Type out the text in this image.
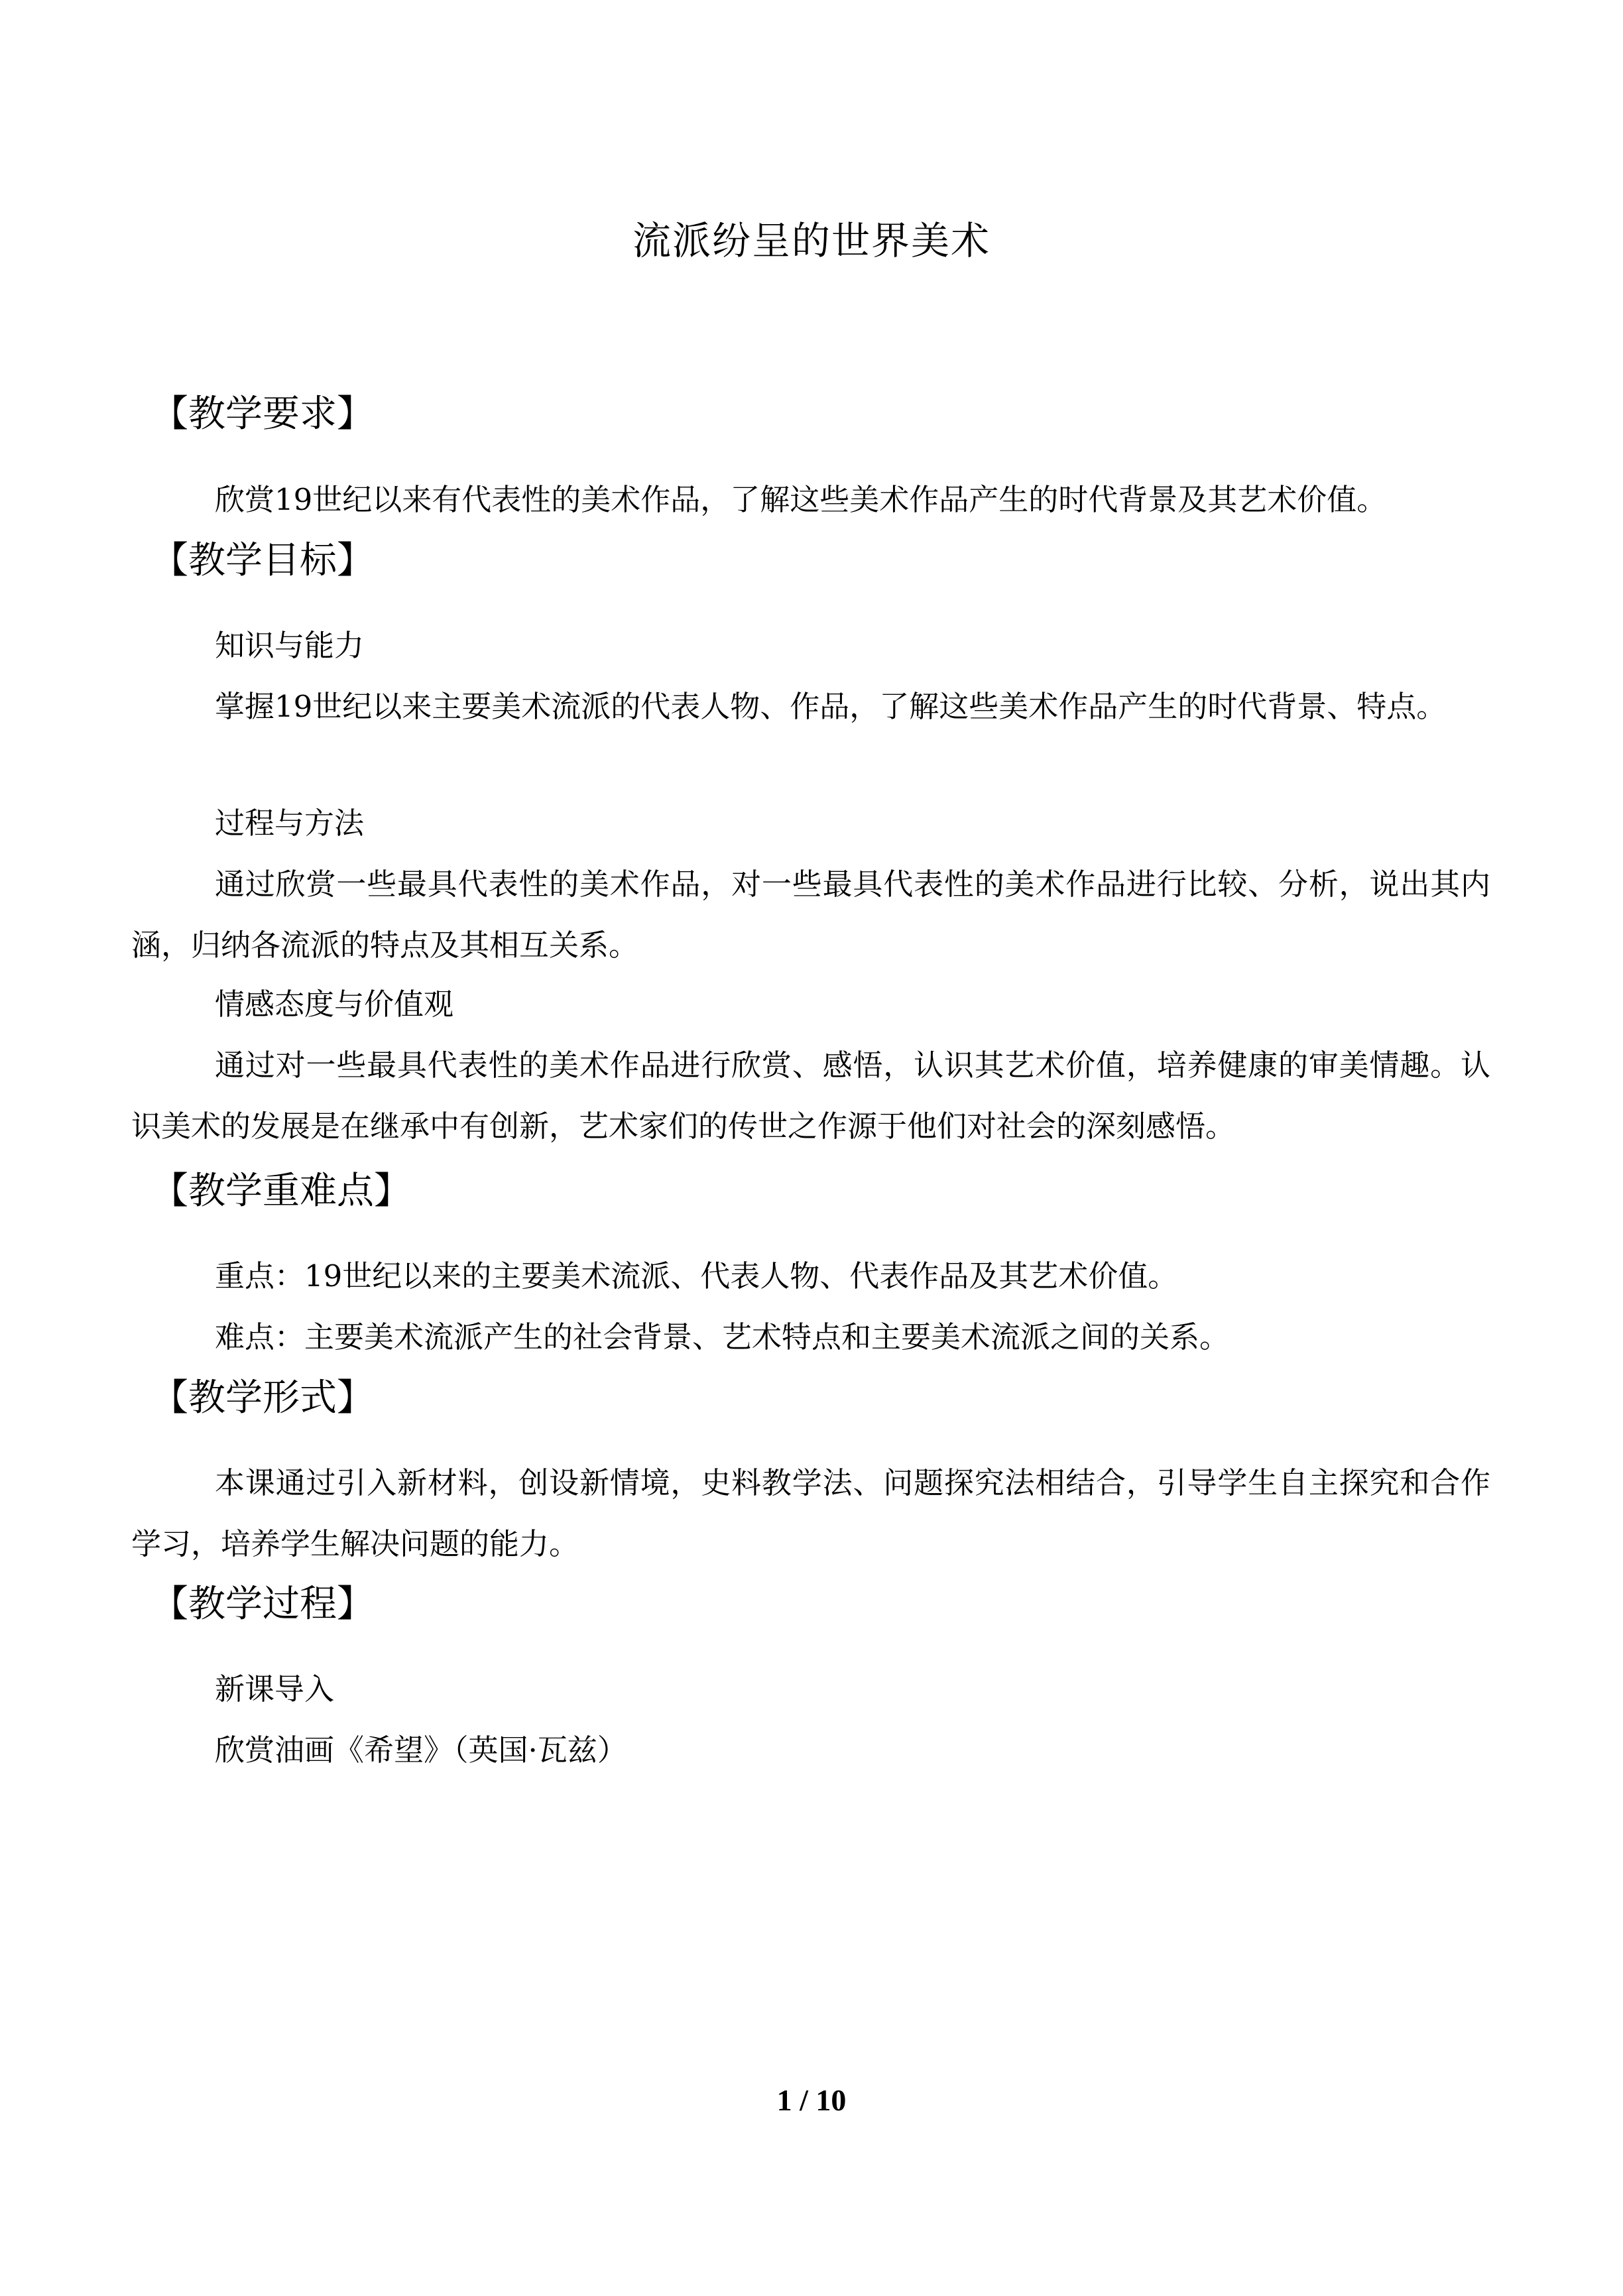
流派纷呈的世界美术
【教学要求】
欣赏19世纪以来有代表性的美术作品，了解这些美术作品产生的时代背景及其艺术价值。
【教学目标】
知识与能力
掌握19世纪以来主要美术流派的代表人物、作品，了解这些美术作品产生的时代背景、特点。
过程与方法
通过欣赏一些最具代表性的美术作品，对一些最具代表性的美术作品进行比较、分析，说出其内涵，归纳各流派的特点及其相互关系。
情感态度与价值观
通过对一些最具代表性的美术作品进行欣赏、感悟，认识其艺术价值，培养健康的审美情趣。认识美术的发展是在继承中有创新，艺术家们的传世之作源于他们对社会的深刻感悟。
【教学重难点】
重点：19世纪以来的主要美术流派、代表人物、代表作品及其艺术价值。
难点：主要美术流派产生的社会背景、艺术特点和主要美术流派之间的关系。
【教学形式】
本课通过引入新材料，创设新情境，史料教学法、问题探究法相结合，引导学生自主探究和合作学习，培养学生解决问题的能力。
【教学过程】
新课导入
欣赏油画《希望》（英国·瓦兹）
1 / 10
